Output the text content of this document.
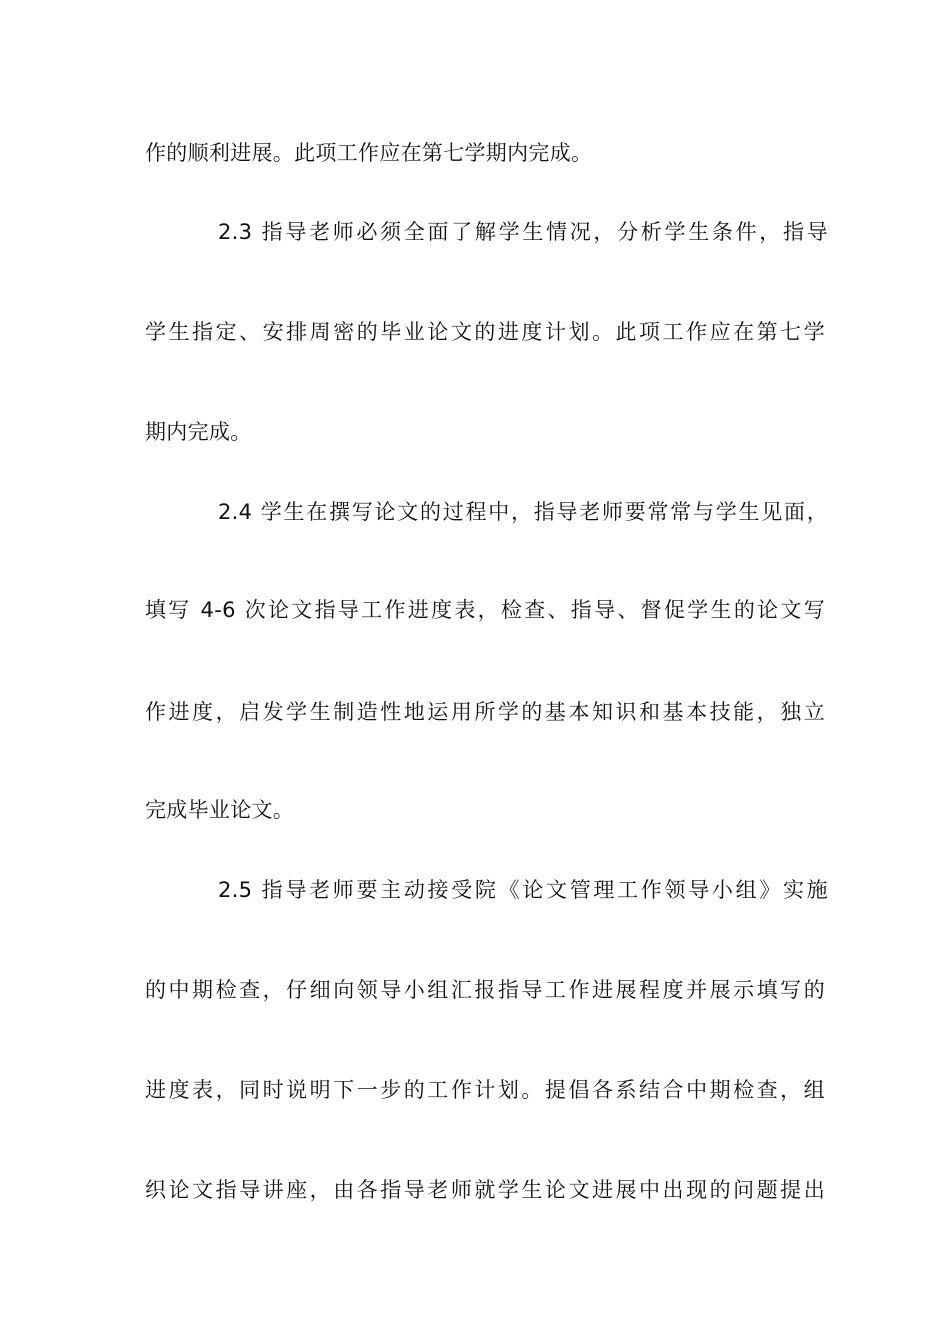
作的顺利进展。此项工作应在第七学期内完成。
2.3 指导老师必须全面了解学生情况，分析学生条件，指导
学生指定、安排周密的毕业论文的进度计划。此项工作应在第七学
期内完成。
2.4 学生在撰写论文的过程中，指导老师要常常与学生见面，
填写 4-6 次论文指导工作进度表，检查、指导、督促学生的论文写
作进度，启发学生制造性地运用所学的基本知识和基本技能，独立
完成毕业论文。
2.5 指导老师要主动接受院《论文管理工作领导小组》实施
的中期检查，仔细向领导小组汇报指导工作进展程度并展示填写的
进度表，同时说明下一步的工作计划。提倡各系结合中期检查，组
织论文指导讲座，由各指导老师就学生论文进展中出现的问题提出
